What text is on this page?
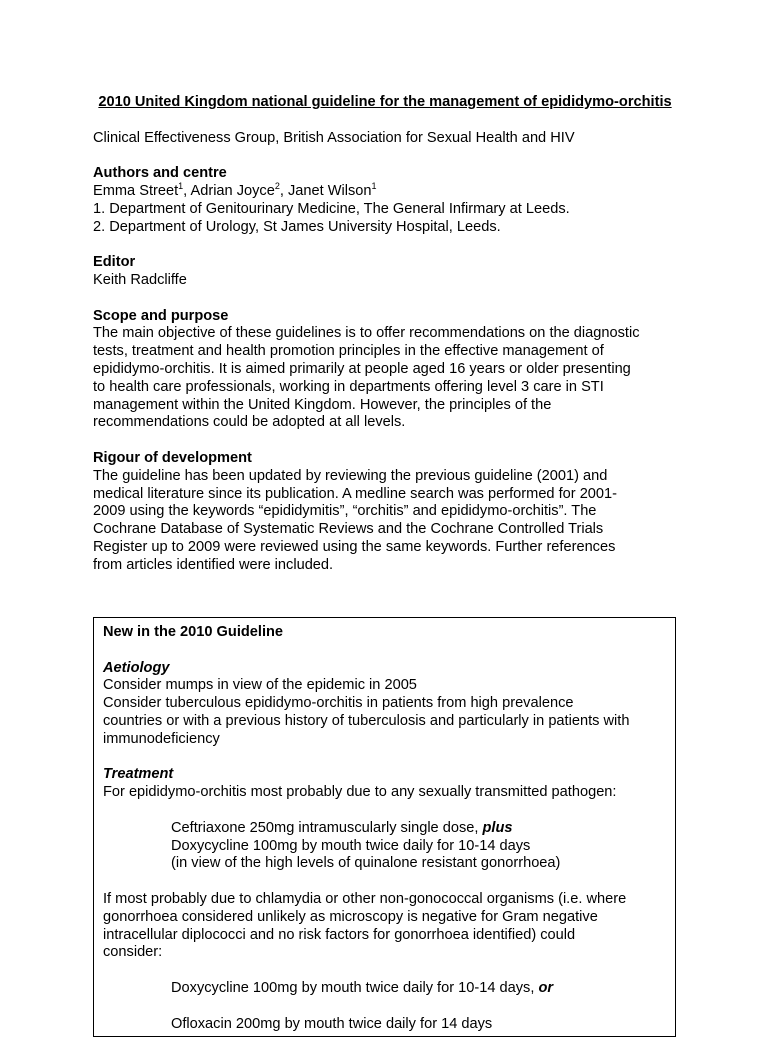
2010 United Kingdom national guideline for the management of epididymo-orchitis

Clinical Effectiveness Group, British Association for Sexual Health and HIV

Authors and centre

Emma Street$^1$, Adrian Joyce$^2$, Janet Wilson$^1$

1. Department of Genitourinary Medicine, The General Infirmary at Leeds.

2. Department of Urology, St James University Hospital, Leeds.

Editor

Keith Radcliffe

Scope and purpose

The main objective of these guidelines is to offer recommendations on the diagnostic
tests, treatment and health promotion principles in the effective management of
epididymo-orchitis. It is aimed primarily at people aged 16 years or older presenting
to health care professionals, working in departments offering level 3 care in STI
management within the United Kingdom. However, the principles of the
recommendations could be adopted at all levels.

Rigour of development

The guideline has been updated by reviewing the previous guideline (2001) and
medical literature since its publication. A medline search was performed for 2001-
2009 using the keywords “epididymitis”, “orchitis” and epididymo-orchitis”. The
Cochrane Database of Systematic Reviews and the Cochrane Controlled Trials
Register up to 2009 were reviewed using the same keywords. Further references
from articles identified were included.

New in the 2010 Guideline

Aetiology

Consider mumps in view of the epidemic in 2005
Consider tuberculous epididymo-orchitis in patients from high prevalence
countries or with a previous history of tuberculosis and particularly in patients with
immunodeficiency

Treatment

For epididymo-orchitis most probably due to any sexually transmitted pathogen:
Ceftriaxone 250mg intramuscularly single dose, plus
Doxycycline 100mg by mouth twice daily for 10-14 days
(in view of the high levels of quinalone resistant gonorrhoea)
If most probably due to chlamydia or other non-gonococcal organisms (i.e. where
gonorrhoea considered unlikely as microscopy is negative for Gram negative
intracellular diplococci and no risk factors for gonorrhoea identified) could
consider:
Doxycycline 100mg by mouth twice daily for 10-14 days, or
Ofloxacin 200mg by mouth twice daily for 14 days
